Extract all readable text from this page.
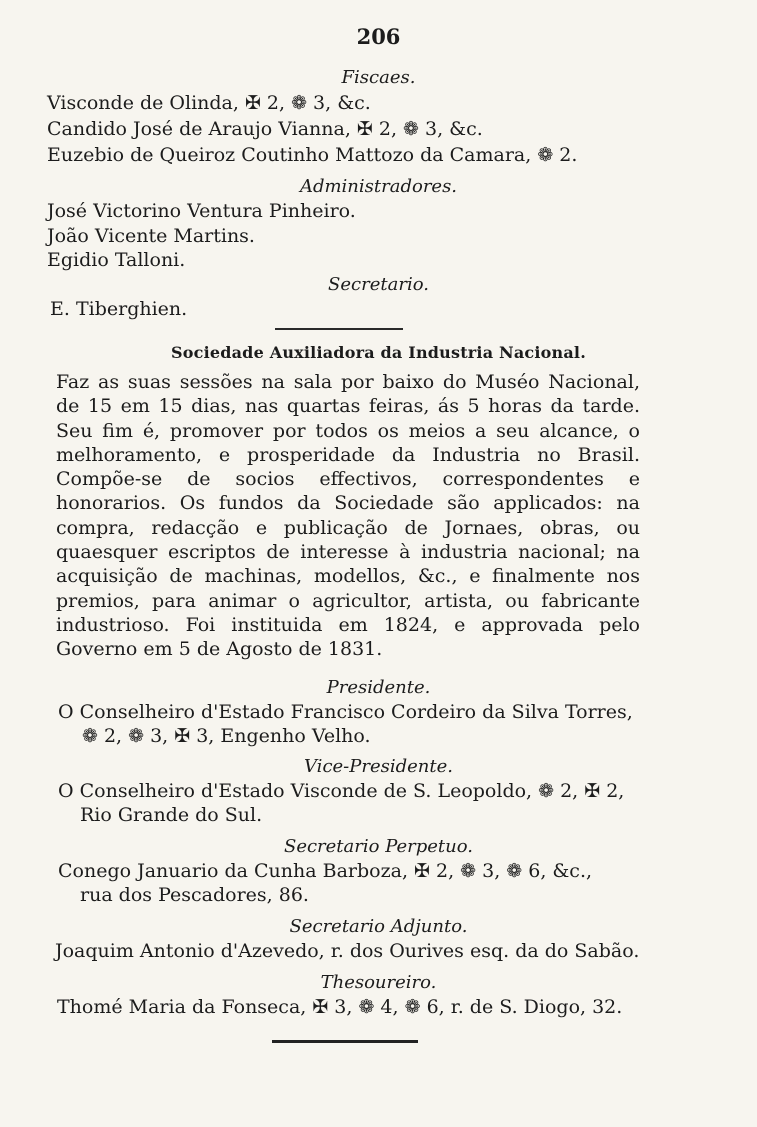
206
Fiscaes.
Visconde de Olinda, ✠ 2, ❁ 3, &c.
Candido José de Araujo Vianna, ✠ 2, ❁ 3, &c.
Euzebio de Queiroz Coutinho Mattozo da Camara, ❁ 2.
Administradores.
José Victorino Ventura Pinheiro.
João Vicente Martins.
Egidio Talloni.
Secretario.
E. Tiberghien.
Sociedade Auxiliadora da Industria Nacional.
Faz as suas sessões na sala por baixo do Muséo Nacional, de 15 em 15 dias, nas quartas feiras, ás 5 horas da tarde. Seu fim é, promover por todos os meios a seu alcance, o melhoramento, e prosperidade da Industria no Brasil. Compõe-se de socios effectivos, correspondentes e honorarios. Os fundos da Sociedade são applicados: na compra, redacção e publicação de Jornaes, obras, ou quaesquer escriptos de interesse à industria nacional; na acquisição de machinas, modellos, &c., e finalmente nos premios, para animar o agricultor, artista, ou fabricante industrioso. Foi instituida em 1824, e approvada pelo Governo em 5 de Agosto de 1831.
Presidente.
O Conselheiro d'Estado Francisco Cordeiro da Silva Torres,
❁ 2, ❁ 3, ✠ 3, Engenho Velho.
Vice-Presidente.
O Conselheiro d'Estado Visconde de S. Leopoldo, ❁ 2, ✠ 2,
Rio Grande do Sul.
Secretario Perpetuo.
Conego Januario da Cunha Barboza, ✠ 2, ❁ 3, ❁ 6, &c.,
rua dos Pescadores, 86.
Secretario Adjunto.
Joaquim Antonio d'Azevedo, r. dos Ourives esq. da do Sabão.
Thesoureiro.
Thomé Maria da Fonseca, ✠ 3, ❁ 4, ❁ 6, r. de S. Diogo, 32.
